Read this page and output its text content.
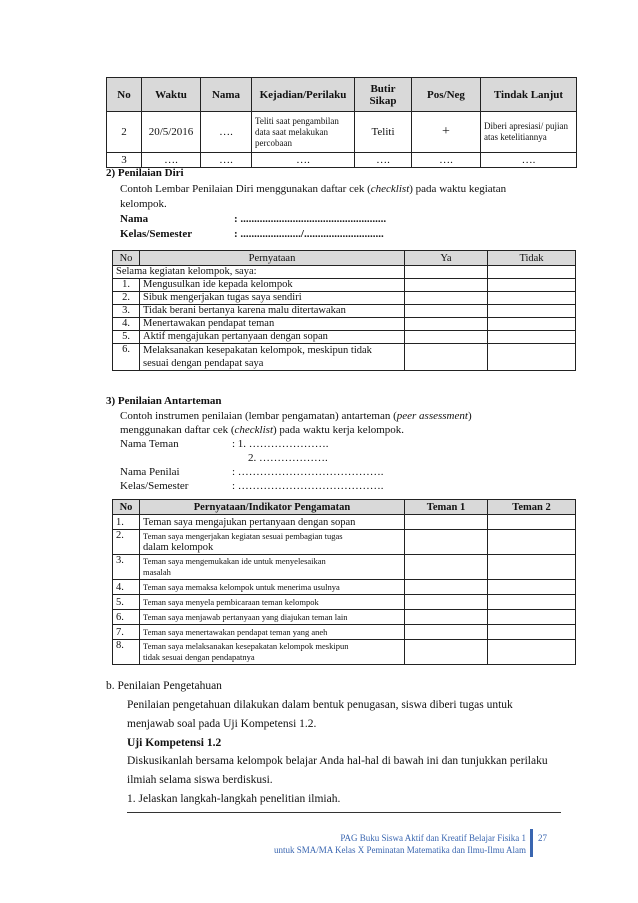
No	Waktu	Nama	Kejadian/Perilaku	Butir Sikap	Pos/Neg	Tindak Lanjut
2	20/5/2016	….	Teliti saat pengambilan data saat melakukan percobaan	Teliti	+	Diberi apresiasi/ pujian atas ketelitiannya
3	….	….	….	….	….	….
2) Penilaian Diri
Contoh Lembar Penilaian Diri menggunakan daftar cek (checklist) pada waktu kegiatan
kelompok.
Nama	: .....................................................
Kelas/Semester	: ....................../.............................
No	Pernyataan	Ya	Tidak
Selama kegiatan kelompok, saya:			
1.	Mengusulkan ide kepada kelompok		
2.	Sibuk mengerjakan tugas saya sendiri		
3.	Tidak berani bertanya karena malu ditertawakan		
4.	Menertawakan pendapat teman		
5.	Aktif mengajukan pertanyaan dengan sopan		
6.	Melaksanakan kesepakatan kelompok, meskipun tidak
sesuai dengan pendapat saya		

3) Penilaian Antarteman
Contoh instrumen penilaian (lembar pengamatan) antarteman (peer assessment)
menggunakan daftar cek (checklist) pada waktu kerja kelompok.
Nama Teman	: 1. ………………….
2. ……………….
Nama Penilai	: ………………………………….
Kelas/Semester	: ………………………………….
No	Pernyataan/Indikator Pengamatan	Teman 1	Teman 2
1.	Teman saya mengajukan pertanyaan dengan sopan		
2.	Teman saya mengerjakan kegiatan sesuai pembagian tugas
dalam kelompok		

3.	Teman saya mengemukakan ide untuk menyelesaikan
masalah		

4.	Teman saya memaksa kelompok untuk menerima usulnya		
5.	Teman saya menyela pembicaraan teman kelompok		
6.	Teman saya menjawab pertanyaan yang diajukan teman lain		
7.	Teman saya menertawakan pendapat teman yang aneh		
8.	Teman saya melaksanakan kesepakatan kelompok meskipun
tidak sesuai dengan pendapatnya		

b. Penilaian Pengetahuan
Penilaian pengetahuan dilakukan dalam bentuk penugasan, siswa diberi tugas untuk
menjawab soal pada Uji Kompetensi 1.2.
Uji Kompetensi 1.2
Diskusikanlah bersama kelompok belajar Anda hal-hal di bawah ini dan tunjukkan perilaku
ilmiah selama siswa berdiskusi.
1. Jelaskan langkah-langkah penelitian ilmiah.
PAG Buku Siswa Aktif dan Kreatif Belajar Fisika 1
untuk SMA/MA Kelas X Peminatan Matematika dan Ilmu-Ilmu Alam
27
